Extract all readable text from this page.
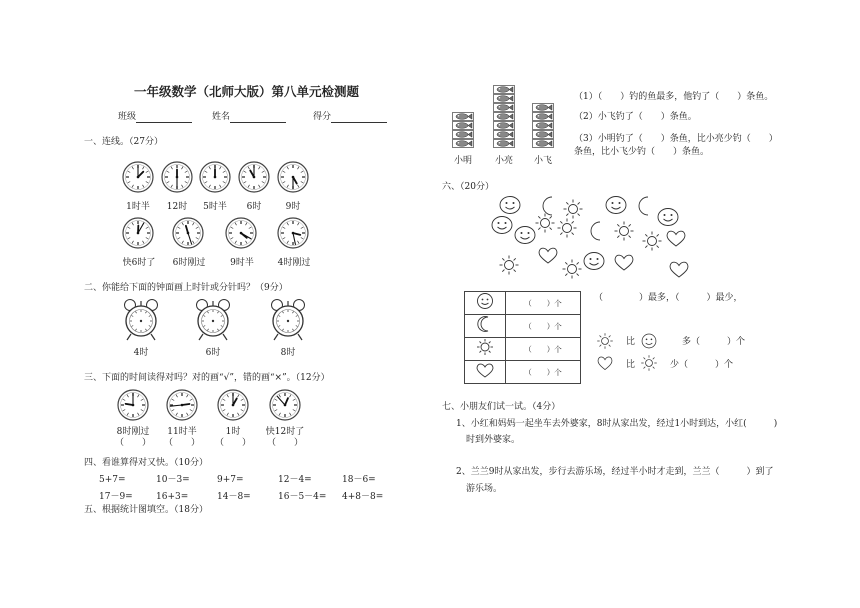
一年级数学（北师大版）第八单元检测题
班级	姓名	得分
一、连线。（27分）
1时半	12时	5时半	6时	9时
快6时了	6时刚过	9时半	4时刚过
二、你能给下面的钟面画上时针或分针吗？（9分）
4时	6时	8时
三、下面的时间读得对吗？对的画“√”，错的画“×”。（12分）
8时刚过
（　　）
11时半
（　　）
1时
（　　）
快12时了
（　　）
四、看谁算得对又快。（10分）
5+7=	10－3=	9+7=	12－4=	18－6=
17－9=	16+3=	14－8=	16－5－4= 4+8－8=
五、根据统计图填空。（18分）
小明	小亮	小飞
（1）（　　）钓的鱼最多，他钓了（　　）条鱼。
（2）小飞钓了（　　）条鱼。
（3）小明钓了（　　）条鱼，比小亮少钓（　　）
条鱼，比小飞少钓（　　）条鱼。
六、（20分）
	（　　）个
	（　　）个
	（　　）个
	（　　）个
（　　　　）最多，（　　　）最少，
比	多（　　　）个
比	少（　　　）个
七、小朋友们试一试。（4分）
1、小红和妈妈一起坐车去外婆家，8时从家出发，经过1小时到达，小红(　　　)
时到外婆家。
2、兰兰9时从家出发，步行去游乐场，经过半小时才走到，兰兰（　　　）到了
游乐场。
